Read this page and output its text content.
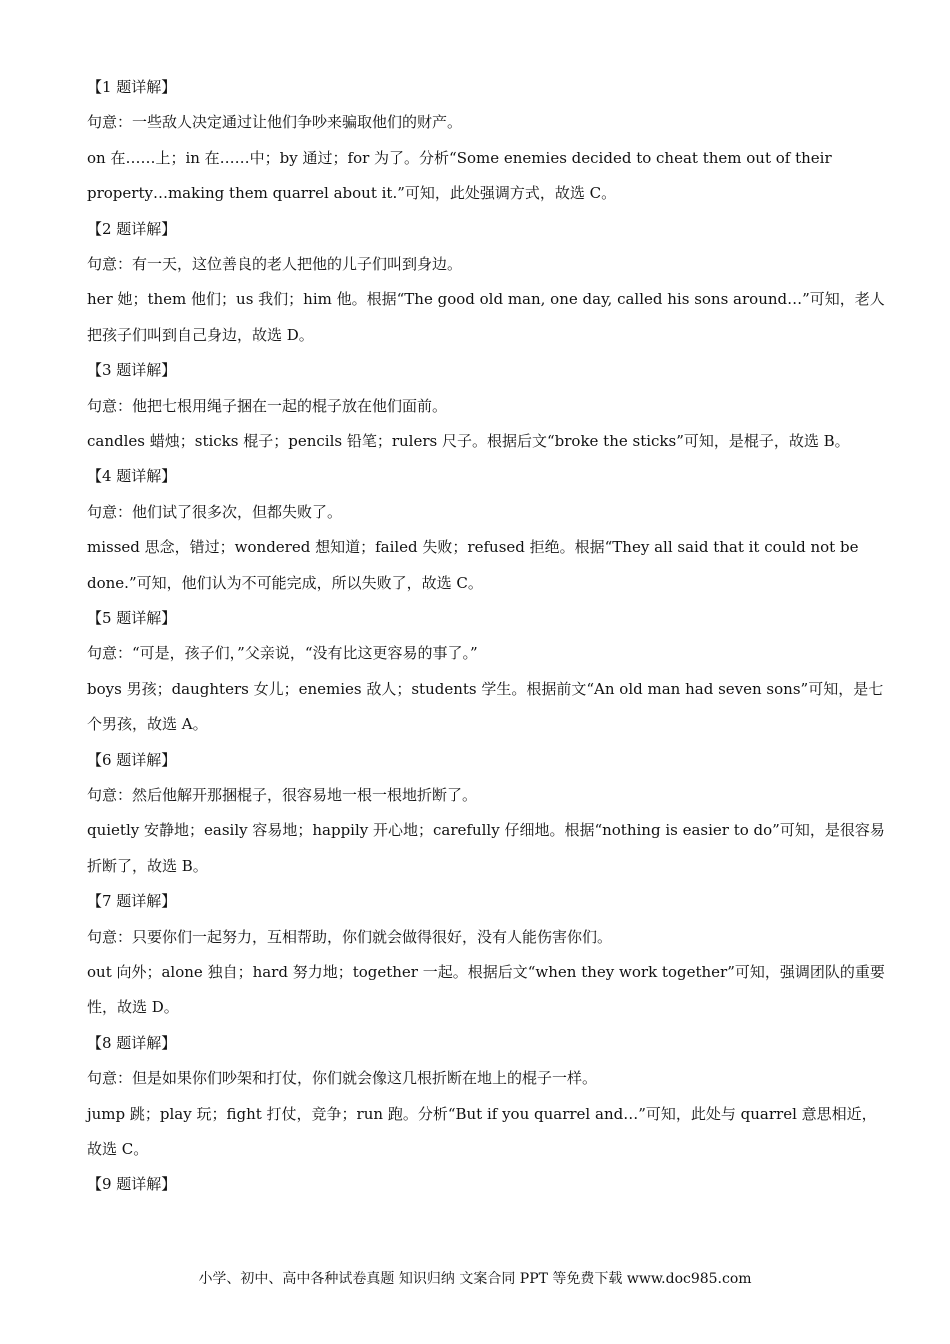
【1 题详解】
句意：一些敌人决定通过让他们争吵来骗取他们的财产。
on 在……上；in 在……中；by 通过；for 为了。分析“Some enemies decided to cheat them out of their property…making them quarrel about it.”可知，此处强调方式，故选 C。
【2 题详解】
句意：有一天，这位善良的老人把他的儿子们叫到身边。
her 她；them 他们；us 我们；him 他。根据“The good old man, one day, called his sons around…”可知，老人把孩子们叫到自己身边，故选 D。
【3 题详解】
句意：他把七根用绳子捆在一起的棍子放在他们面前。
candles 蜡烛；sticks 棍子；pencils 铅笔；rulers 尺子。根据后文“broke the sticks”可知，是棍子，故选 B。
【4 题详解】
句意：他们试了很多次，但都失败了。
missed 思念，错过；wondered 想知道；failed 失败；refused 拒绝。根据“They all said that it could not be done.”可知，他们认为不可能完成，所以失败了，故选 C。
【5 题详解】
句意：“可是，孩子们，”父亲说，“没有比这更容易的事了。”
boys 男孩；daughters 女儿；enemies 敌人；students 学生。根据前文“An old man had seven sons”可知，是七个男孩，故选 A。
【6 题详解】
句意：然后他解开那捆棍子，很容易地一根一根地折断了。
quietly 安静地；easily 容易地；happily 开心地；carefully 仔细地。根据“nothing is easier to do”可知，是很容易折断了，故选 B。
【7 题详解】
句意：只要你们一起努力，互相帮助，你们就会做得很好，没有人能伤害你们。
out 向外；alone 独自；hard 努力地；together 一起。根据后文“when they work together”可知，强调团队的重要性，故选 D。
【8 题详解】
句意：但是如果你们吵架和打仗，你们就会像这几根折断在地上的棍子一样。
jump 跳；play 玩；fight 打仗，竞争；run 跑。分析“But if you quarrel and…”可知，此处与 quarrel 意思相近，故选 C。
【9 题详解】
小学、初中、高中各种试卷真题 知识归纳 文案合同 PPT 等免费下载 www.doc985.com
